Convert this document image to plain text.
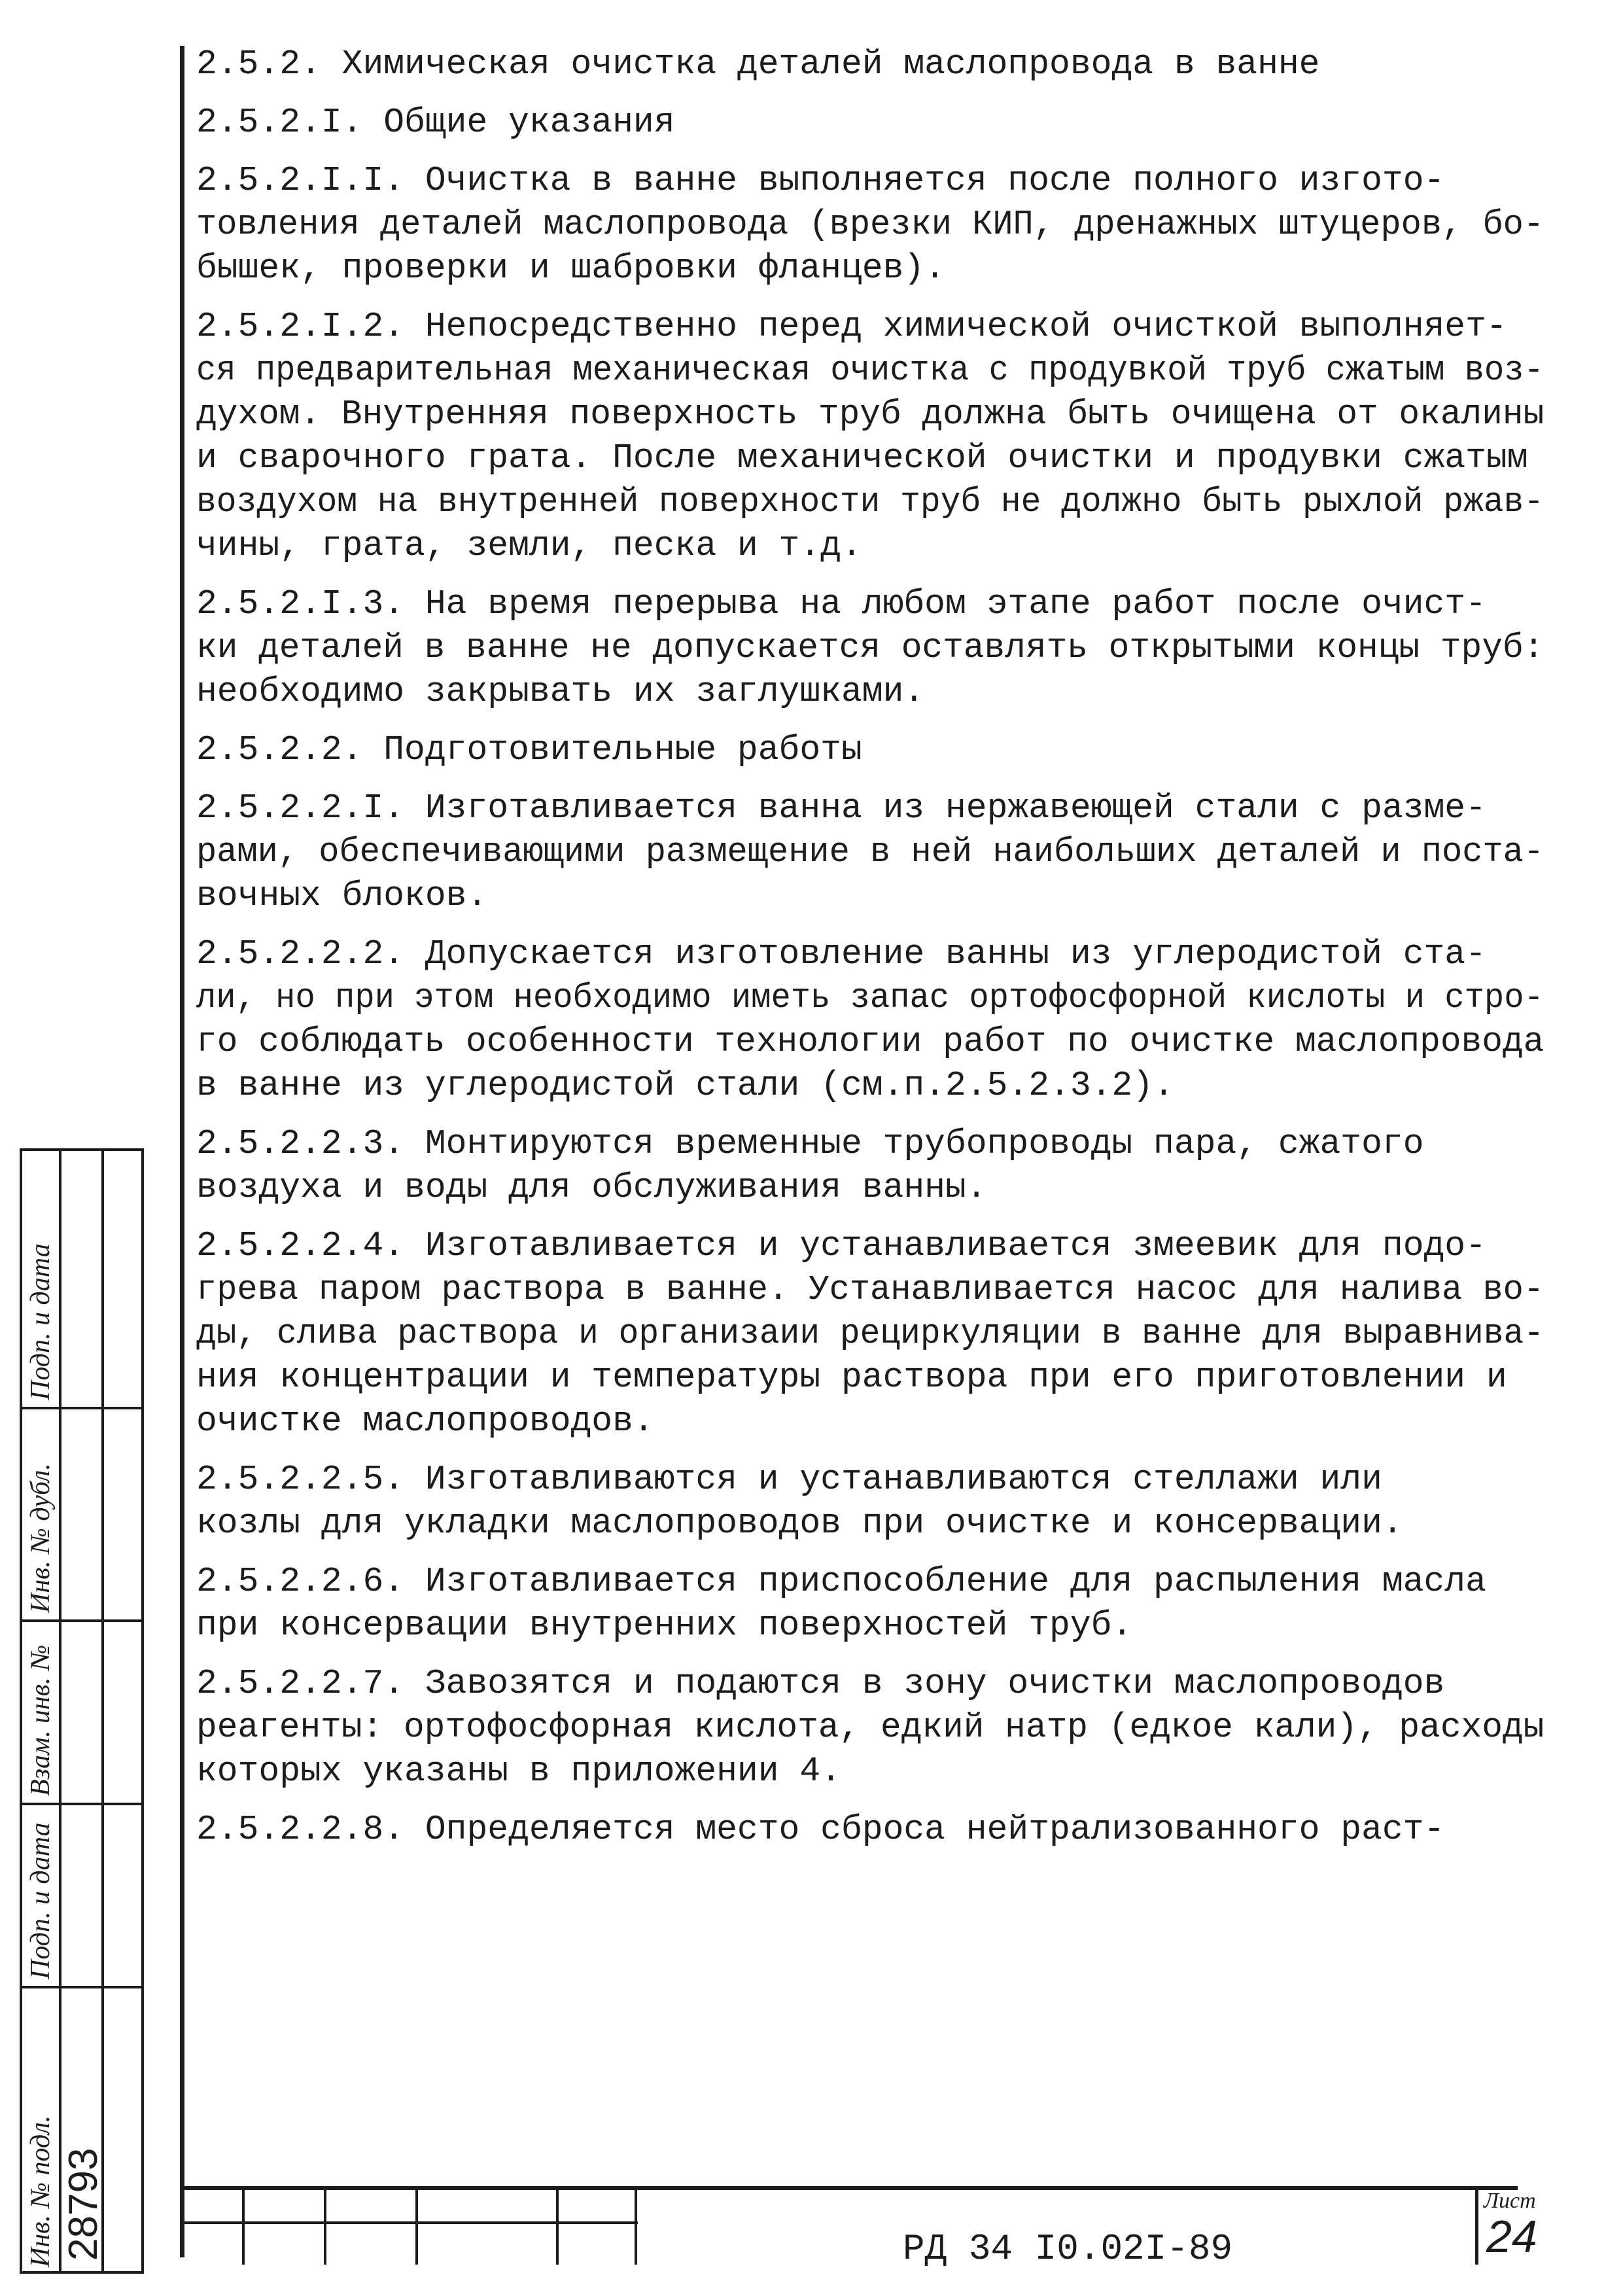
2.5.2. Химическая очистка деталей маслопровода в ванне
2.5.2.I. Общие указания
2.5.2.I.I. Очистка в ванне выполняется после полного изгото-
товления деталей маслопровода (врезки КИП, дренажных штуцеров, бо-
бышек, проверки и шабровки фланцев).
2.5.2.I.2. Непосредственно перед химической очисткой выполняет-
ся предварительная механическая очистка с продувкой труб сжатым воз-
духом. Внутренняя поверхность труб должна быть очищена от окалины
и сварочного грата. После механической очистки и продувки сжатым
воздухом на внутренней поверхности труб не должно быть рыхлой ржав-
чины, грата, земли, песка и т.д.
2.5.2.I.3. На время перерыва на любом этапе работ после очист-
ки деталей в ванне не допускается оставлять открытыми концы труб:
необходимо закрывать их заглушками.
2.5.2.2. Подготовительные работы
2.5.2.2.I. Изготавливается ванна из нержавеющей стали с разме-
рами, обеспечивающими размещение в ней наибольших деталей и поста-
вочных блоков.
2.5.2.2.2. Допускается изготовление ванны из углеродистой ста-
ли, но при этом необходимо иметь запас ортофосфорной кислоты и стро-
го соблюдать особенности технологии работ по очистке маслопровода
в ванне из углеродистой стали (см.п.2.5.2.3.2).
2.5.2.2.3. Монтируются временные трубопроводы пара, сжатого
воздуха и воды для обслуживания ванны.
2.5.2.2.4. Изготавливается и устанавливается змеевик для подо-
грева паром раствора в ванне. Устанавливается насос для налива во-
ды, слива раствора и организаии рециркуляции в ванне для выравнива-
ния концентрации и температуры раствора при его приготовлении и
очистке маслопроводов.
2.5.2.2.5. Изготавливаются и устанавливаются стеллажи или
козлы для укладки маслопроводов при очистке и консервации.
2.5.2.2.6. Изготавливается приспособление для распыления масла
при консервации внутренних поверхностей труб.
2.5.2.2.7. Завозятся и подаются в зону очистки маслопроводов
реагенты: ортофосфорная кислота, едкий натр (едкое кали), расходы
которых указаны в приложении 4.
2.5.2.2.8. Определяется место сброса нейтрализованного раст-
Инв. № подл.
Подп. и дата
Взам. инв. №
Инв. № дубл.
Подп. и дата
28793	РД 34 I0.02I-89
Лист
24
